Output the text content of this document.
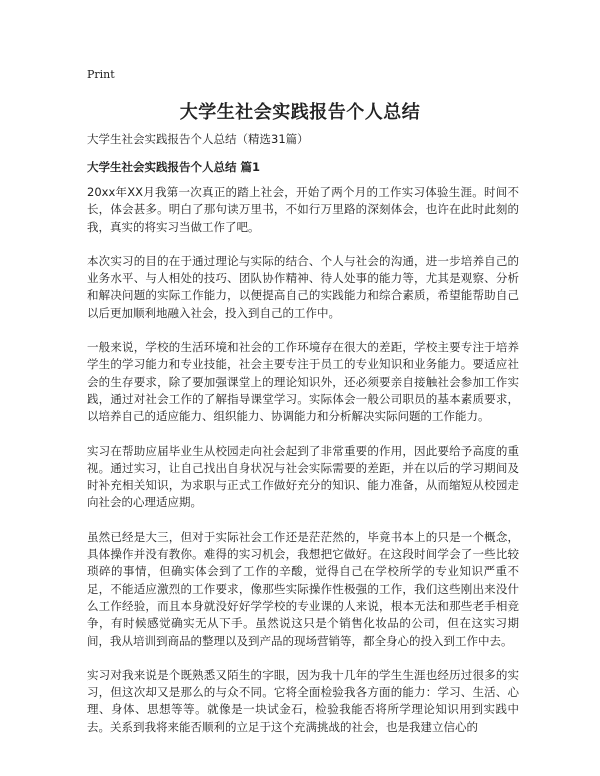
Print
大学生社会实践报告个人总结
大学生社会实践报告个人总结（精选31篇）
大学生社会实践报告个人总结 篇1

20xx年XX月我第一次真正的踏上社会，开始了两个月的工作实习体验生涯。时间不长，体会甚多。明白了那句读万里书，不如行万里路的深刻体会，也许在此时此刻的我，真实的将实习当做工作了吧。

本次实习的目的在于通过理论与实际的结合、个人与社会的沟通，进一步培养自己的业务水平、与人相处的技巧、团队协作精神、待人处事的能力等，尤其是观察、分析和解决问题的实际工作能力，以便提高自己的实践能力和综合素质，希望能帮助自己以后更加顺利地融入社会，投入到自己的工作中。

一般来说，学校的生活环境和社会的工作环境存在很大的差距，学校主要专注于培养学生的学习能力和专业技能，社会主要专注于员工的专业知识和业务能力。要适应社会的生存要求，除了要加强课堂上的理论知识外，还必须要亲自接触社会参加工作实践，通过对社会工作的了解指导课堂学习。实际体会一般公司职员的基本素质要求，以培养自己的适应能力、组织能力、协调能力和分析解决实际问题的工作能力。

实习在帮助应届毕业生从校园走向社会起到了非常重要的作用，因此要给予高度的重视。通过实习，让自己找出自身状况与社会实际需要的差距，并在以后的学习期间及时补充相关知识，为求职与正式工作做好充分的知识、能力准备，从而缩短从校园走向社会的心理适应期。

虽然已经是大三，但对于实际社会工作还是茫茫然的，毕竟书本上的只是一个概念，具体操作并没有教你。难得的实习机会，我想把它做好。在这段时间学会了一些比较琐碎的事情，但确实体会到了工作的辛酸，觉得自己在学校所学的专业知识严重不足，不能适应激烈的工作要求，像那些实际操作性极强的工作，我们这些刚出来没什么工作经验，而且本身就没好好学学校的专业课的人来说，根本无法和那些老手相竞争，有时候感觉确实无从下手。虽然说这只是个销售化妆品的公司，但在这实习期间，我从培训到商品的整理以及到产品的现场营销等，都全身心的投入到工作中去。

实习对我来说是个既熟悉又陌生的字眼，因为我十几年的学生生涯也经历过很多的实习，但这次却又是那么的与众不同。它将全面检验我各方面的能力：学习、生活、心理、身体、思想等等。就像是一块试金石，检验我能否将所学理论知识用到实践中去。关系到我将来能否顺利的立足于这个充满挑战的社会，也是我建立信心的
